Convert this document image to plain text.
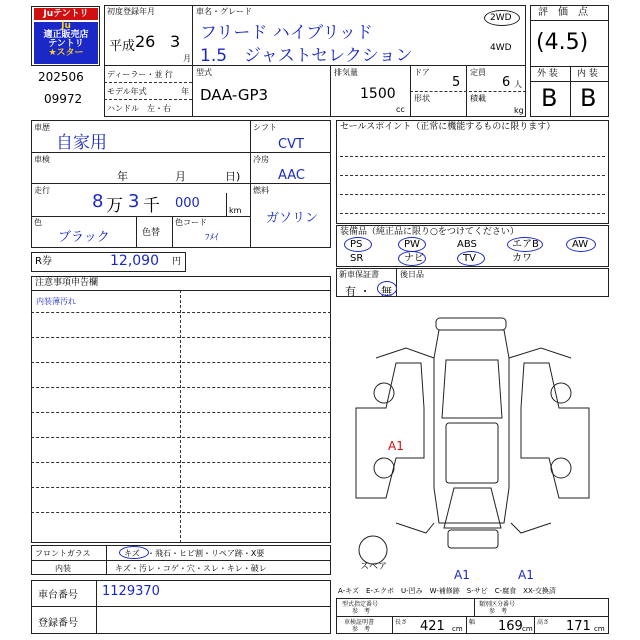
Juテントリ
Ju
適正販売店
テントリ
★スター
202506
09972
初度登録年月
平成 26 3
月
ディーラー・並 行
モデル年式	年
ハンドル　左・右
車名・グレード
フリード ハイブリッド
1.5　ジャストセレクション
2WD
4WD
型式
DAA-GP3
排気量
1500
cc
ドア
5
定員
6 人
形状	積載
kg
評　価　点
(4.5)
外 装 内 装
B B
車歴
自家用
車検
年	月	日)
走行
8 万 3 千 000	km
色
ブラック	色替
色コード
ﾌﾒｲ
シフト
CVT
冷房
AAC
燃料
ガソリン
R券	12,090 円
セールスポイント（正常に機能するものに限ります）
装備品（純正品に限り○をつけてください）
PS	PW	ABS	エアB	AW
SR	ナビ	TV	カワ
新車保証書
有 ・ 無
後日品
注意事項申告欄
内装薄汚れ
A1
A1	A1
スペア
フロントガラス	キズ ・飛石・ヒビ割・リペア跡・X要
内装	キズ・汚レ・コゲ・穴・スレ・キレ・破レ
車台番号 1129370
登録番号
A-キズ　E-エクボ　U-凹み　W-補修跡　S-サビ　C-腐食　XX-交換済
型式指定番号
参　考
類別区分番号
参　考
車検証明書
参　考
長さ 421 cm
幅 169 cm
高さ 171 cm
